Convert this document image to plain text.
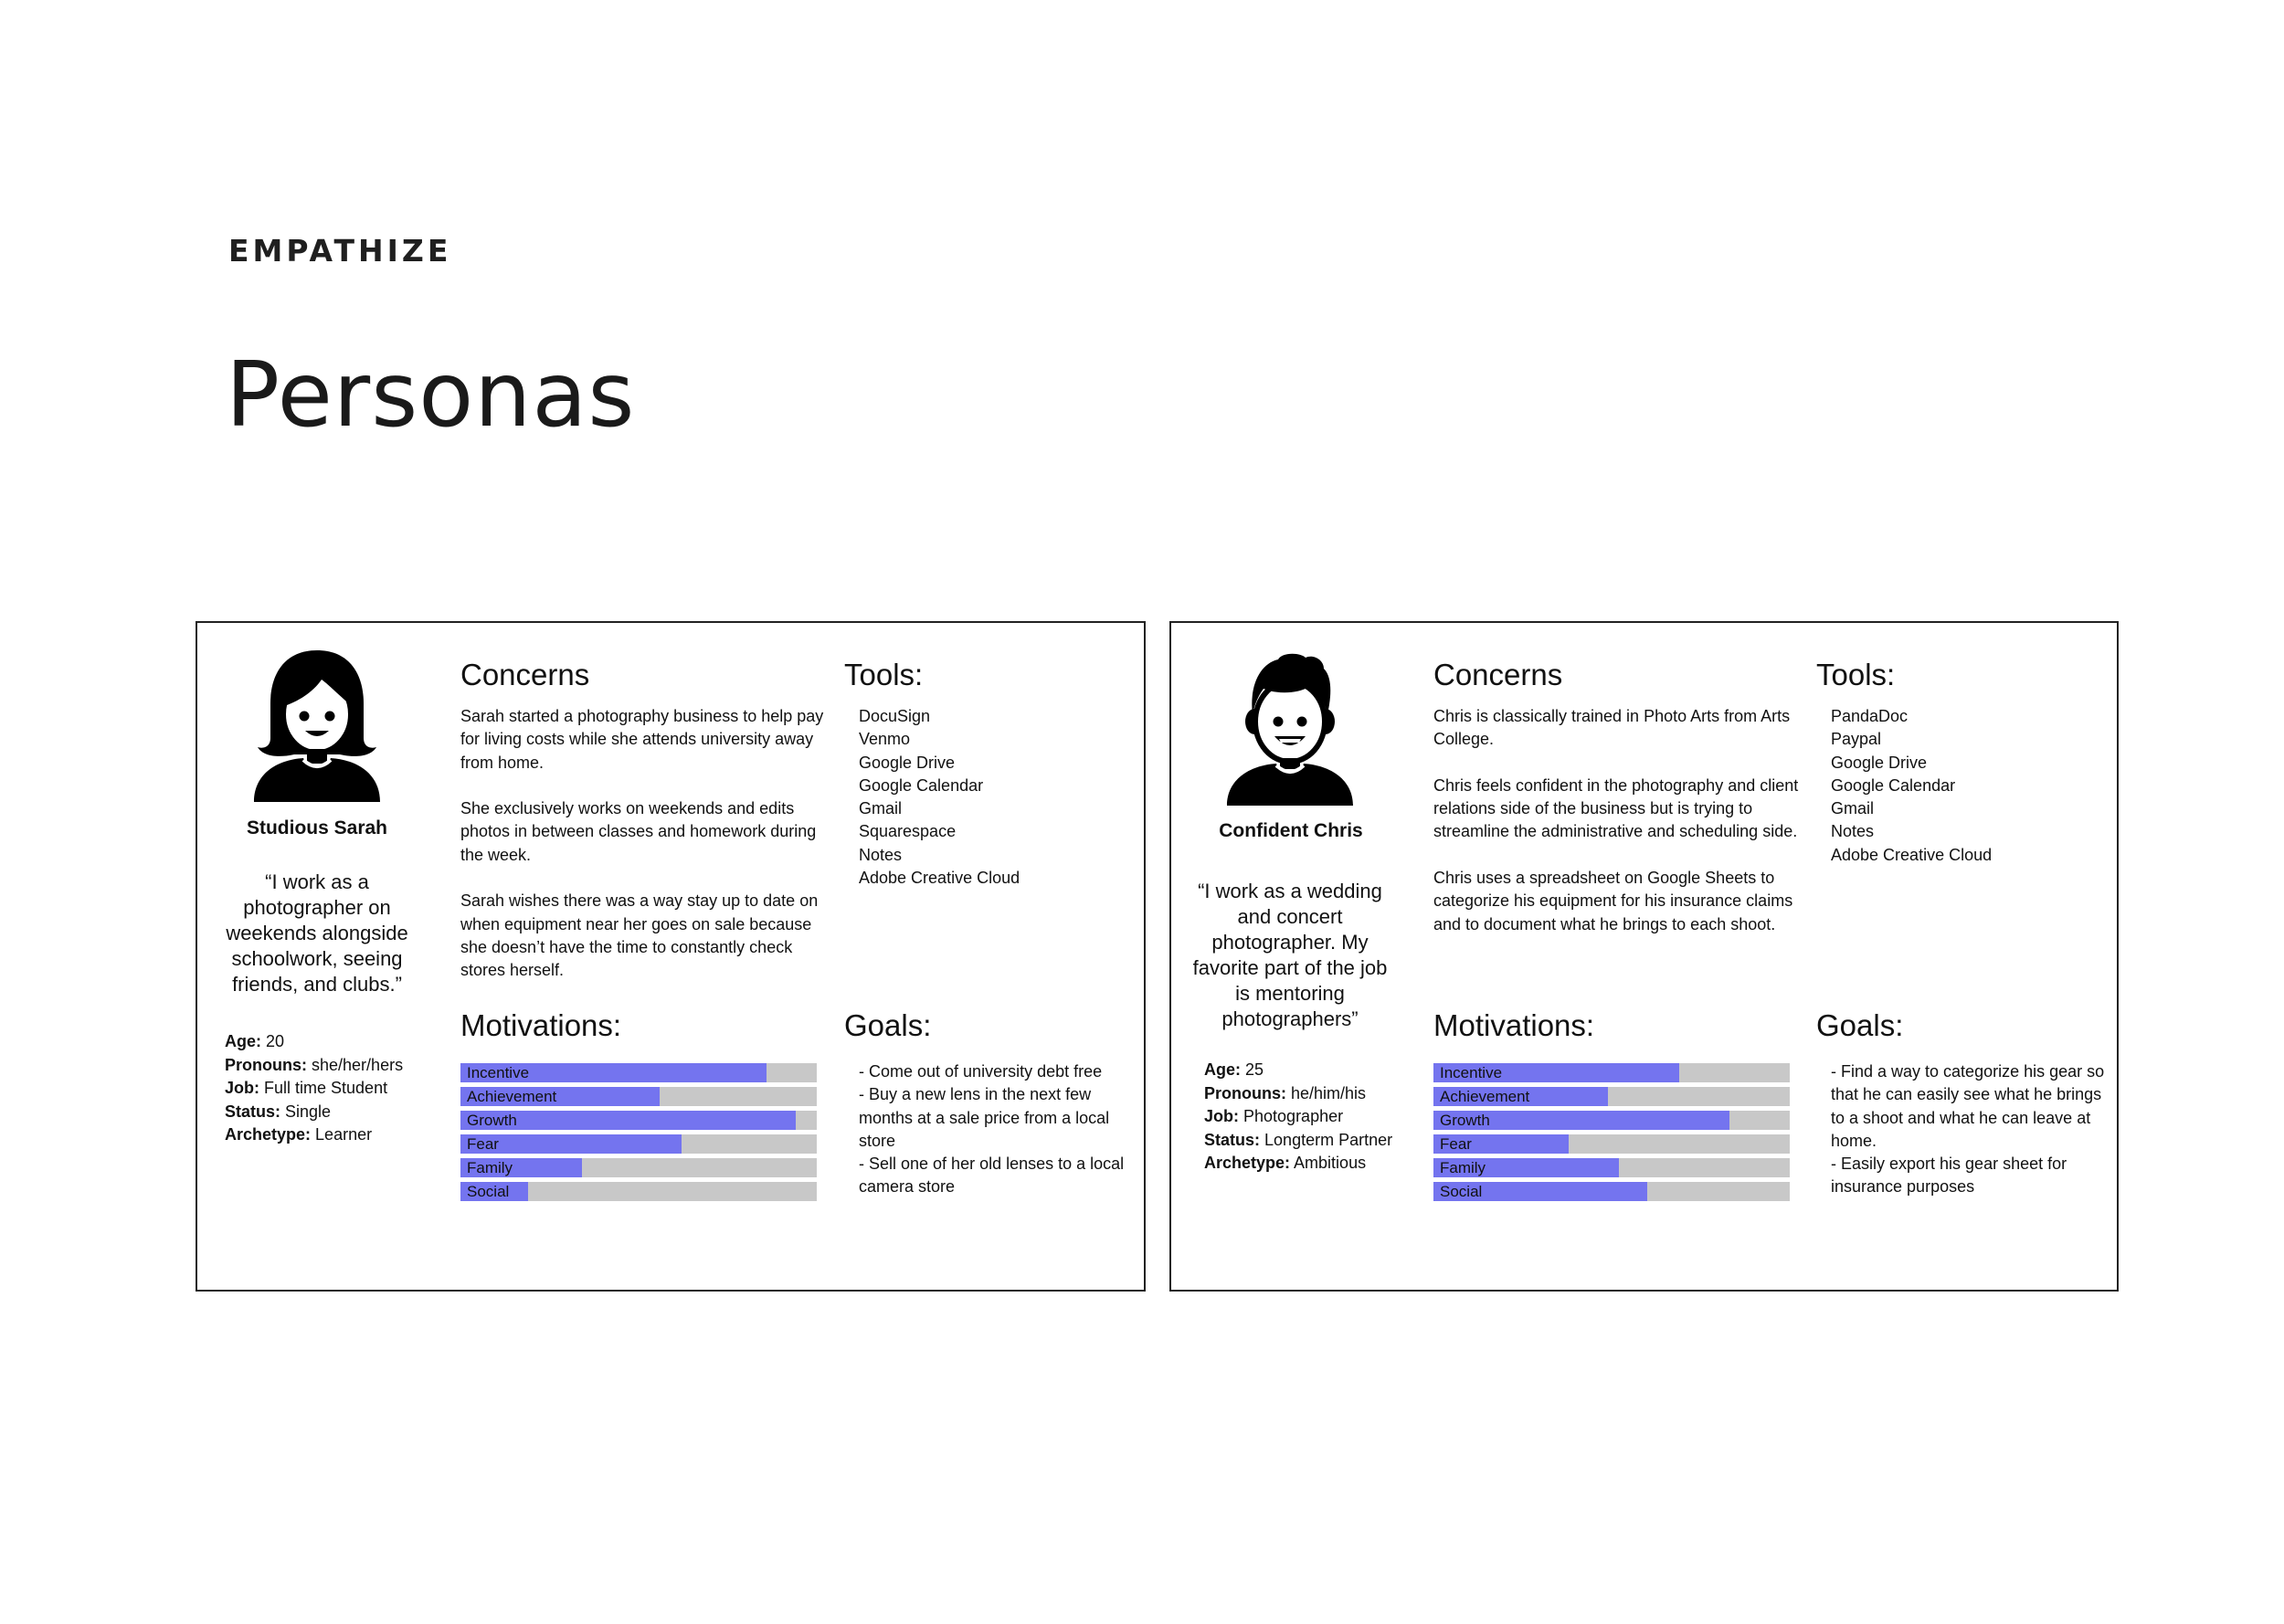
EMPATHIZE
Personas
Studious Sarah
“I work as a photographer on weekends alongside schoolwork, seeing friends, and clubs.”
Age: 20
Pronouns: she/her/hers
Job: Full time Student
Status: Single
Archetype: Learner
Concerns

Sarah started a photography business to help pay for living costs while she attends university away from home.

She exclusively works on weekends and edits photos in between classes and homework during the week.

Sarah wishes there was a way stay up to date on when equipment near her goes on sale because she doesn’t have the time to constantly check stores herself.

Tools:
DocuSign
Venmo
Google Drive
Google Calendar
Gmail
Squarespace
Notes
Adobe Creative Cloud
Motivations:
Incentive
Achievement
Growth
Fear
Family
Social
Goals:
- Come out of university debt free
- Buy a new lens in the next few months at a sale price from a local store
- Sell one of her old lenses to a local camera store
Confident Chris
“I work as a wedding and concert photographer. My favorite part of the job is mentoring photographers”
Age: 25
Pronouns: he/him/his
Job: Photographer
Status: Longterm Partner
Archetype: Ambitious
Concerns

Chris is classically trained in Photo Arts from Arts College.

Chris feels confident in the photography and client relations side of the business but is trying to streamline the administrative and scheduling side.

Chris uses a spreadsheet on Google Sheets to categorize his equipment for his insurance claims and to document what he brings to each shoot.

Tools:
PandaDoc
Paypal
Google Drive
Google Calendar
Gmail
Notes
Adobe Creative Cloud
Motivations:
Incentive
Achievement
Growth
Fear
Family
Social
Goals:
- Find a way to categorize his gear so that he can easily see what he brings to a shoot and what he can leave at home.
- Easily export his gear sheet for insurance purposes
